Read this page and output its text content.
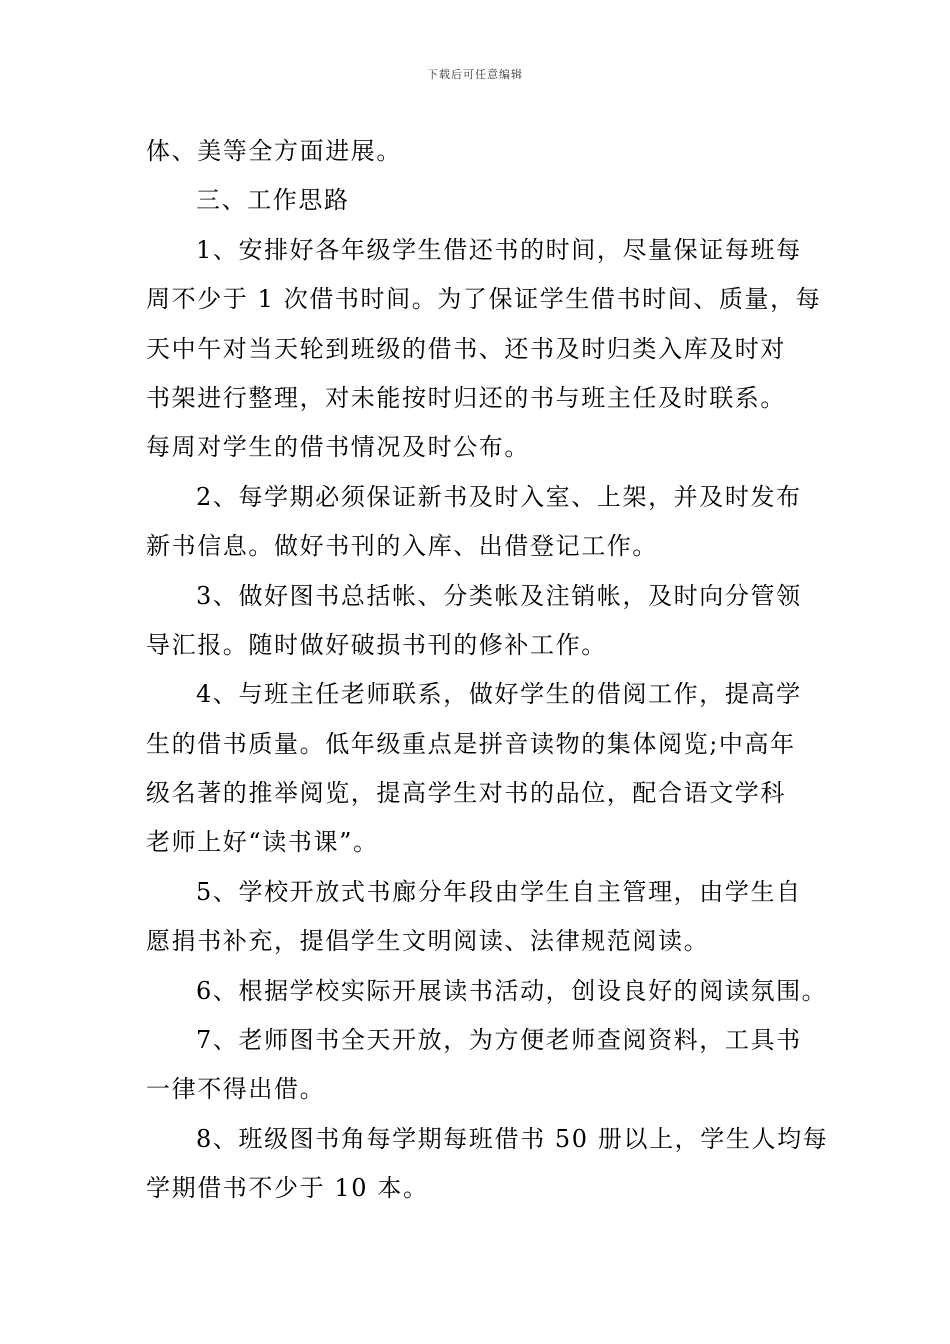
下载后可任意编辑
体、美等全方面进展。
三、工作思路
1、安排好各年级学生借还书的时间，尽量保证每班每
周不少于 1 次借书时间。为了保证学生借书时间、质量，每
天中午对当天轮到班级的借书、还书及时归类入库及时对
书架进行整理，对未能按时归还的书与班主任及时联系。
每周对学生的借书情况及时公布。
2、每学期必须保证新书及时入室、上架，并及时发布
新书信息。做好书刊的入库、出借登记工作。
3、做好图书总括帐、分类帐及注销帐，及时向分管领
导汇报。随时做好破损书刊的修补工作。
4、与班主任老师联系，做好学生的借阅工作，提高学
生的借书质量。低年级重点是拼音读物的集体阅览;中高年
级名著的推举阅览，提高学生对书的品位，配合语文学科
老师上好“读书课”。
5、学校开放式书廊分年段由学生自主管理，由学生自
愿捐书补充，提倡学生文明阅读、法律规范阅读。
6、根据学校实际开展读书活动，创设良好的阅读氛围。
7、老师图书全天开放，为方便老师查阅资料，工具书
一律不得出借。
8、班级图书角每学期每班借书 50 册以上，学生人均每
学期借书不少于 10 本。
